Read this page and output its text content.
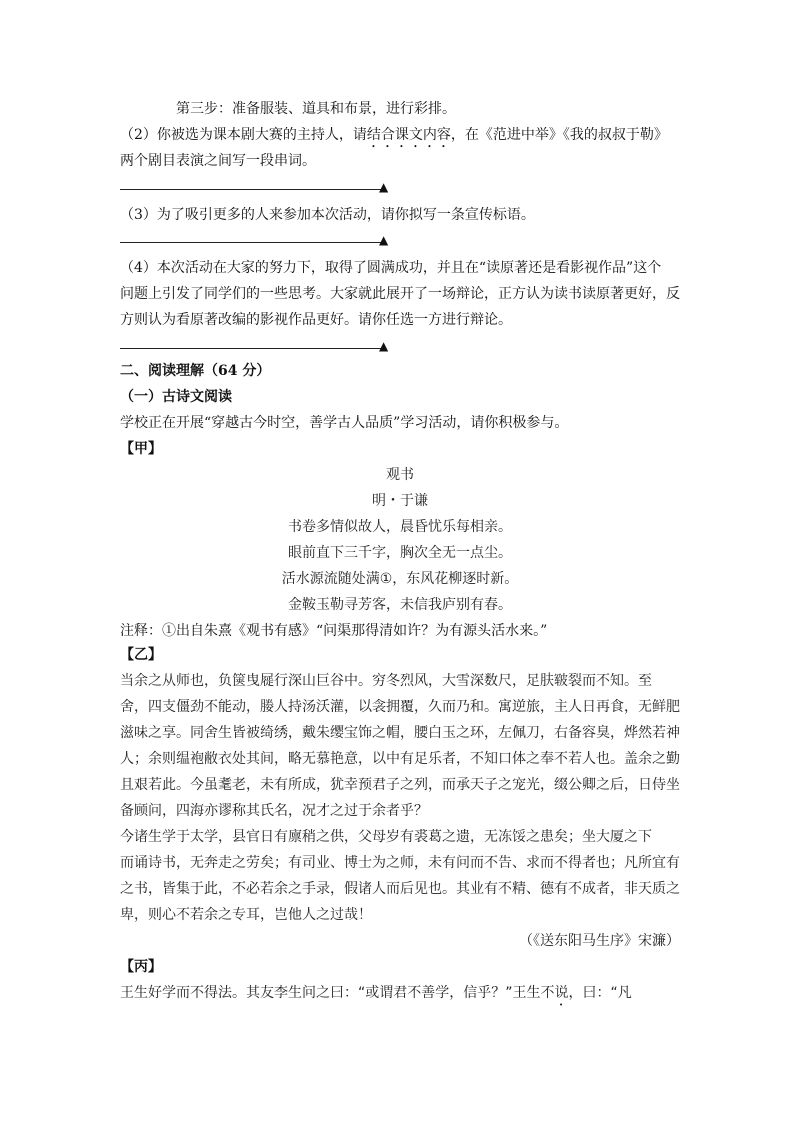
第三步：准备服装、道具和布景，进行彩排。
（2）你被选为课本剧大赛的主持人，请结合课文内容，在《范进中举》《我的叔叔于勒》
两个剧目表演之间写一段串词。
▲
（3）为了吸引更多的人来参加本次活动，请你拟写一条宣传标语。
▲
（4）本次活动在大家的努力下，取得了圆满成功，并且在“读原著还是看影视作品”这个
问题上引发了同学们的一些思考。大家就此展开了一场辩论，正方认为读书读原著更好，反
方则认为看原著改编的影视作品更好。请你任选一方进行辩论。
▲
二、阅读理解（64 分）
（一）古诗文阅读
学校正在开展“穿越古今时空，善学古人品质”学习活动，请你积极参与。
【甲】
观书
明・于谦
书卷多情似故人，晨昏忧乐每相亲。
眼前直下三千字，胸次全无一点尘。
活水源流随处满①，东风花柳逐时新。
金鞍玉勒寻芳客，未信我庐别有春。
注释：①出自朱熹《观书有感》“问渠那得清如许？为有源头活水来。”
【乙】
当余之从师也，负箧曳屣行深山巨谷中。穷冬烈风，大雪深数尺，足肤皲裂而不知。至
舍，四支僵劲不能动，媵人持汤沃灌，以衾拥覆，久而乃和。寓逆旅，主人日再食，无鲜肥
滋味之享。同舍生皆被绮绣，戴朱缨宝饰之帽，腰白玉之环，左佩刀，右备容臭，烨然若神
人；余则缊袍敝衣处其间，略无慕艳意，以中有足乐者，不知口体之奉不若人也。盖余之勤
且艰若此。今虽耄老，未有所成，犹幸预君子之列，而承天子之宠光，缀公卿之后，日侍坐
备顾问，四海亦谬称其氏名，况才之过于余者乎？
今诸生学于太学，县官日有廪稍之供，父母岁有裘葛之遗，无冻馁之患矣；坐大厦之下
而诵诗书，无奔走之劳矣；有司业、博士为之师，未有问而不告、求而不得者也；凡所宜有
之书，皆集于此，不必若余之手录，假诸人而后见也。其业有不精、德有不成者，非天质之
卑，则心不若余之专耳，岂他人之过哉！
（《送东阳马生序》宋濂）
【丙】
王生好学而不得法。其友李生问之曰：“或谓君不善学，信乎？”王生不说，曰：“凡
